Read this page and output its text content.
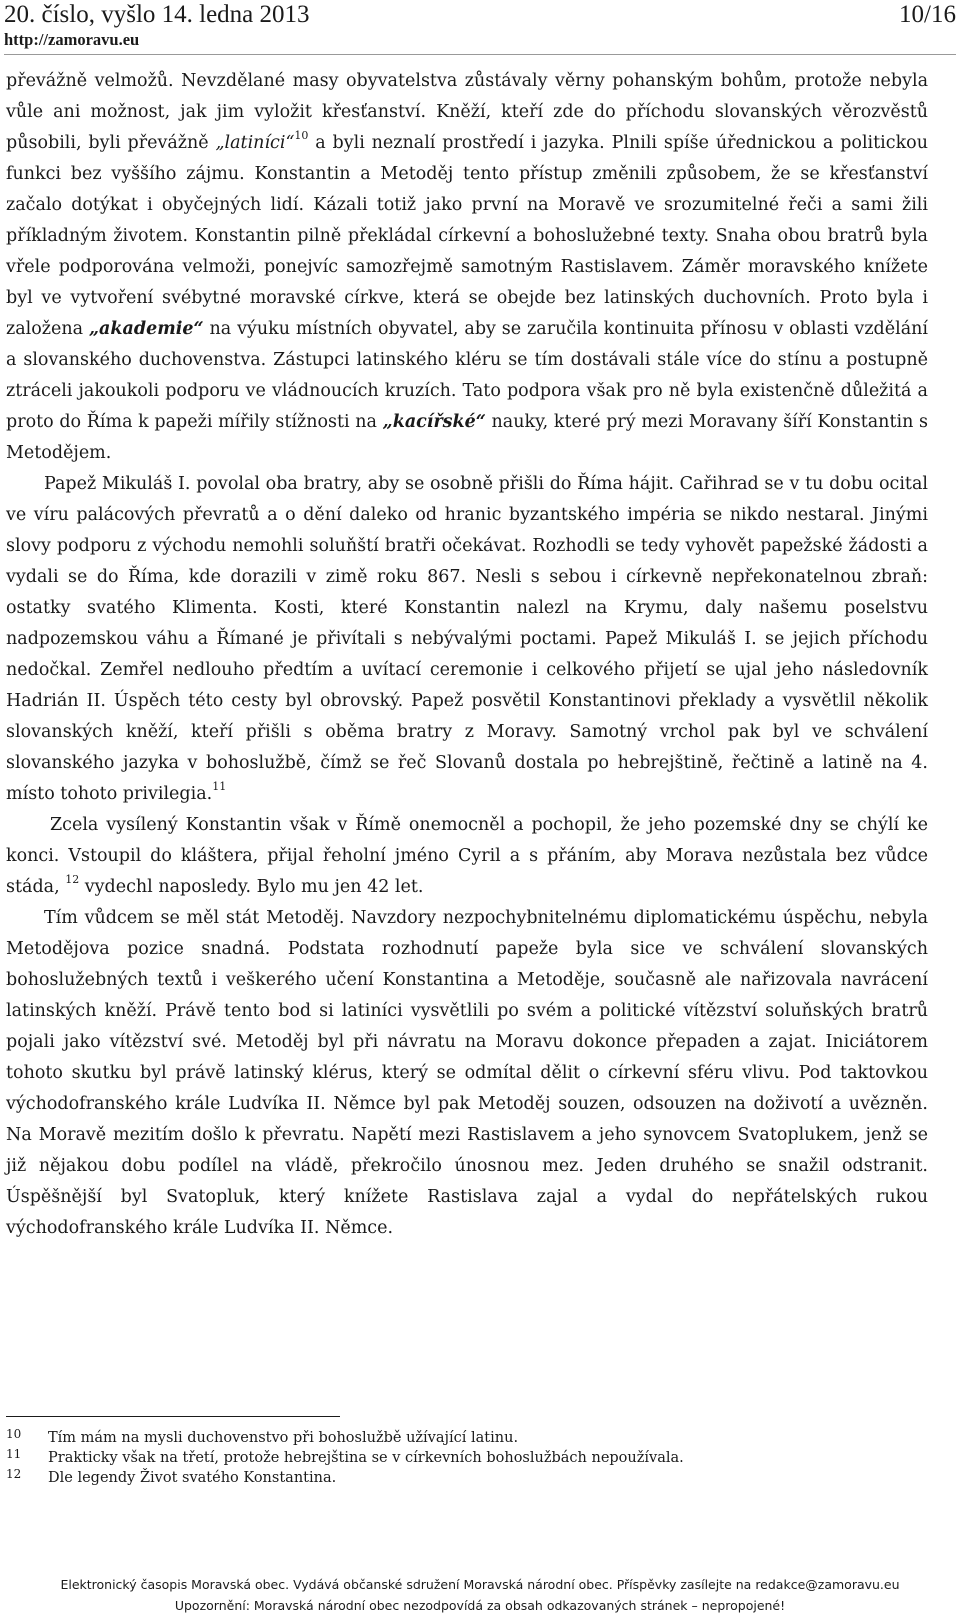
20. číslo, vyšlo 14. ledna 2013	10/16
http://zamoravu.eu

převážně velmožů. Nevzdělané masy obyvatelstva zůstávaly věrny pohanským bohům, protože nebyla vůle ani možnost, jak jim vyložit křesťanství. Kněží, kteří zde do příchodu slovanských věrozvěstů působili, byli převážně „latiníci“$^{10}$ a byli neznalí prostředí i jazyka. Plnili spíše úřednickou a politickou funkci bez vyššího zájmu. Konstantin a Metoděj tento přístup změnili způsobem, že se křesťanství začalo dotýkat i obyčejných lidí. Kázali totiž jako první na Moravě ve srozumitelné řeči a sami žili příkladným životem. Konstantin pilně překládal církevní a bohoslužebné texty. Snaha obou bratrů byla vřele podporována velmoži, ponejvíc samozřejmě samotným Rastislavem. Záměr moravského knížete byl ve vytvoření svébytné moravské církve, která se obejde bez latinských duchovních. Proto byla i založena „akademie“ na výuku místních obyvatel, aby se zaručila kontinuita přínosu v oblasti vzdělání a slovanského duchovenstva. Zástupci latinského kléru se tím dostávali stále více do stínu a postupně ztráceli jakoukoli podporu ve vládnoucích kruzích. Tato podpora však pro ně byla existenčně důležitá a proto do Říma k papeži mířily stížnosti na „kacířské“ nauky, které prý mezi Moravany šíří Konstantin s Metodějem.

Papež Mikuláš I. povolal oba bratry, aby se osobně přišli do Říma hájit. Cařihrad se v tu dobu ocital ve víru palácových převratů a o dění daleko od hranic byzantského impéria se nikdo nestaral. Jinými slovy podporu z východu nemohli soluňští bratři očekávat. Rozhodli se tedy vyhovět papežské žádosti a vydali se do Říma, kde dorazili v zimě roku 867. Nesli s sebou i církevně nepřekonatelnou zbraň: ostatky svatého Klimenta. Kosti, které Konstantin nalezl na Krymu, daly našemu poselstvu nadpozemskou váhu a Římané je přivítali s nebývalými poctami. Papež Mikuláš I. se jejich příchodu nedočkal. Zemřel nedlouho předtím a uvítací ceremonie i celkového přijetí se ujal jeho následovník Hadrián II. Úspěch této cesty byl obrovský. Papež posvětil Konstantinovi překlady a vysvětlil několik slovanských kněží, kteří přišli s oběma bratry z Moravy. Samotný vrchol pak byl ve schválení slovanského jazyka v bohoslužbě, čímž se řeč Slovanů dostala po hebrejštině, řečtině a latině na 4. místo tohoto privilegia.$^{11}$

Zcela vysílený Konstantin však v Římě onemocněl a pochopil, že jeho pozemské dny se chýlí ke konci. Vstoupil do kláštera, přijal řeholní jméno Cyril a s přáním, aby Morava nezůstala bez vůdce stáda, $^{12}$ vydechl naposledy. Bylo mu jen 42 let.

Tím vůdcem se měl stát Metoděj. Navzdory nezpochybnitelnému diplomatickému úspěchu, nebyla Metodějova pozice snadná. Podstata rozhodnutí papeže byla sice ve schválení slovanských bohoslužebných textů i veškerého učení Konstantina a Metoděje, současně ale nařizovala navrácení latinských kněží. Právě tento bod si latiníci vysvětlili po svém a politické vítězství soluňských bratrů pojali jako vítězství své. Metoděj byl při návratu na Moravu dokonce přepaden a zajat. Iniciátorem tohoto skutku byl právě latinský klérus, který se odmítal dělit o církevní sféru vlivu. Pod taktovkou východofranského krále Ludvíka II. Němce byl pak Metoděj souzen, odsouzen na doživotí a uvězněn. Na Moravě mezitím došlo k převratu. Napětí mezi Rastislavem a jeho synovcem Svatoplukem, jenž se již nějakou dobu podílel na vládě, překročilo únosnou mez. Jeden druhého se snažil odstranit. Úspěšnější byl Svatopluk, který knížete Rastislava zajal a vydal do nepřátelských rukou východofranského krále Ludvíka II. Němce.

10	Tím mám na mysli duchovenstvo při bohoslužbě užívající latinu.
11	Prakticky však na třetí, protože hebrejština se v církevních bohoslužbách nepoužívala.
12	Dle legendy Život svatého Konstantina.
Elektronický časopis Moravská obec. Vydává občanské sdružení Moravská národní obec. Příspěvky zasílejte na redakce@zamoravu.eu
Upozornění: Moravská národní obec nezodpovídá za obsah odkazovaných stránek – nepropojené!
